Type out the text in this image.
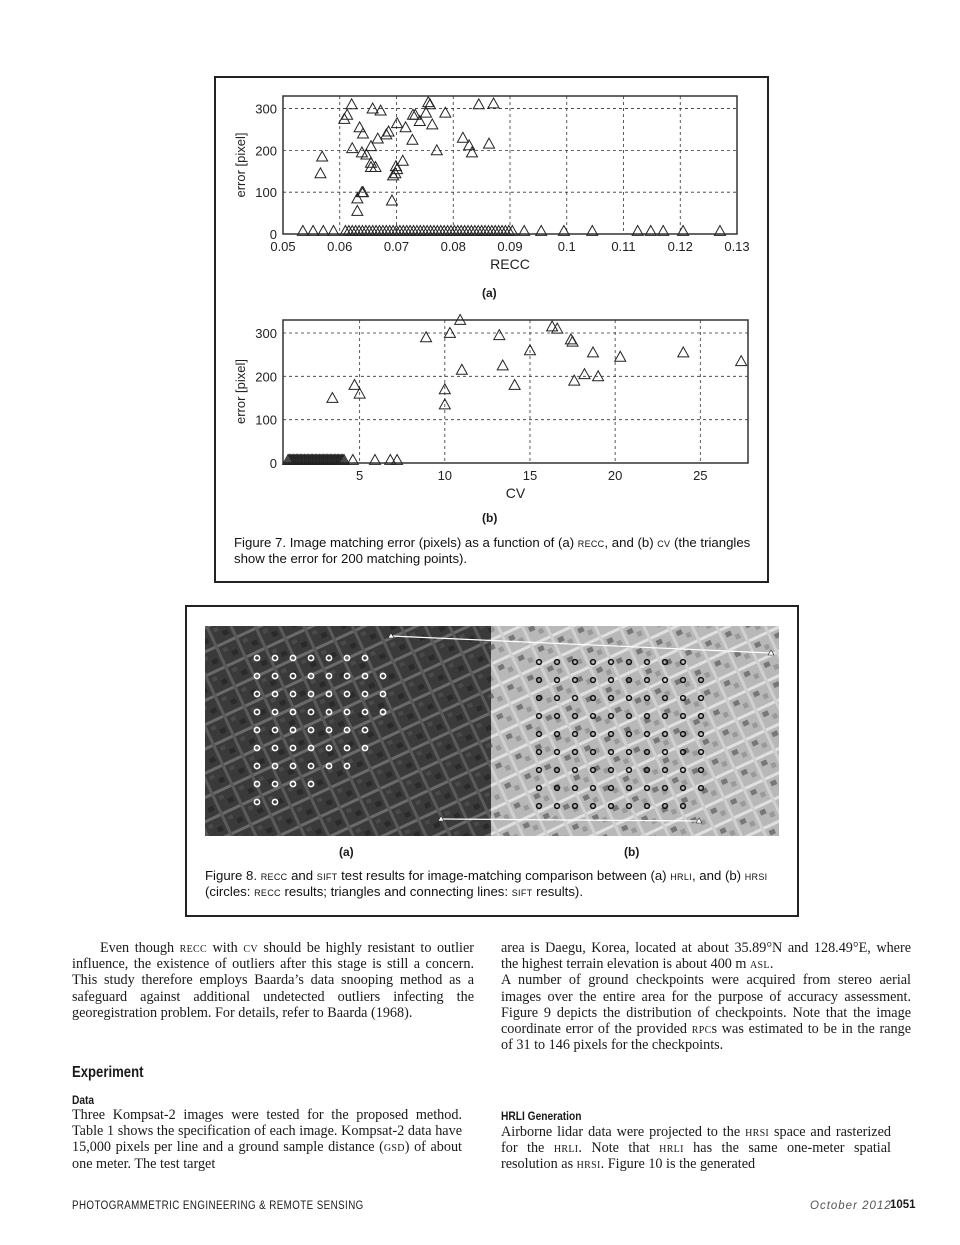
0.05 0.06 0.07 0.08 0.09	0.1	0.11 0.12 0.13
0
100
200
300
RECC
error [pixel]
(a)
5	10	15	20	25
0
100
200
300
CV
error [pixel]
(b)
Figure 7. Image matching error (pixels) as a function of (a) recc, and (b) cv (the triangles show the error for 200 matching points).
(a)	(b)
Figure 8. recc and sift test results for image-matching comparison between (a) hrli, and (b) hrsi (circles: recc results; triangles and connecting lines: sift results).

Even though recc with cv should be highly resistant to outlier influence, the existence of outliers after this stage is still a concern. This study therefore employs Baarda’s data snooping method as a safeguard against additional undetected outliers infecting the georegistration problem. For details, refer to Baarda (1968).

Experiment
Data

Three Kompsat-2 images were tested for the proposed method. Table 1 shows the specification of each image. Kompsat-2 data have 15,000 pixels per line and a ground sample distance (gsd) of about one meter. The test target

area is Daegu, Korea, located at about 35.89°N and 128.49°E, where the highest terrain elevation is about 400 m asl.

A number of ground checkpoints were acquired from stereo aerial images over the entire area for the purpose of accuracy assessment. Figure 9 depicts the distribution of checkpoints. Note that the image coordinate error of the provided rpcs was estimated to be in the range of 31 to 146 pixels for the checkpoints.

HRLI Generation

Airborne lidar data were projected to the hrsi space and rasterized for the hrli. Note that hrli has the same one-meter spatial resolution as hrsi. Figure 10 is the generated

PHOTOGRAMMETRIC ENGINEERING & REMOTE SENSING	October 2012
1051
